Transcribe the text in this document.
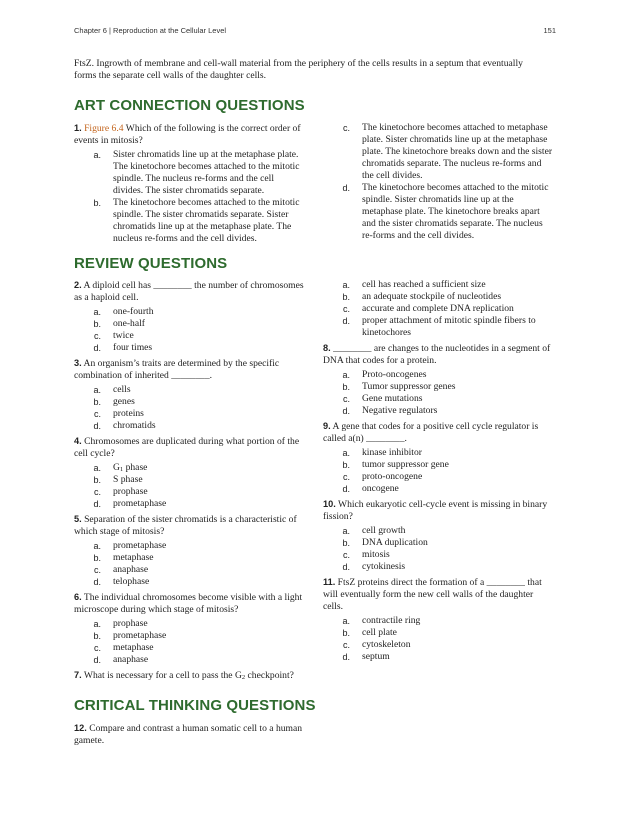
Chapter 6 | Reproduction at the Cellular Level	151

FtsZ. Ingrowth of membrane and cell-wall material from the periphery of the cells results in a septum that eventually forms the separate cell walls of the daughter cells.

ART CONNECTION QUESTIONS

1. Figure 6.4 Which of the following is the correct order of events in mitosis?

a.	Sister chromatids line up at the metaphase plate. The kinetochore becomes attached to the mitotic spindle. The nucleus re-forms and the cell divides. The sister chromatids separate.
b.	The kinetochore becomes attached to the mitotic spindle. The sister chromatids separate. Sister chromatids line up at the metaphase plate. The nucleus re-forms and the cell divides.
c.	The kinetochore becomes attached to metaphase plate. Sister chromatids line up at the metaphase plate. The kinetochore breaks down and the sister chromatids separate. The nucleus re-forms and the cell divides.
d.	The kinetochore becomes attached to the mitotic spindle. Sister chromatids line up at the metaphase plate. The kinetochore breaks apart and the sister chromatids separate. The nucleus re-forms and the cell divides.
REVIEW QUESTIONS

2. A diploid cell has ________ the number of chromosomes as a haploid cell.

a.	one-fourth
b.	one-half
c.	twice
d.	four times

3. An organism’s traits are determined by the specific combination of inherited ________.

a.	cells
b.	genes
c.	proteins
d.	chromatids

4. Chromosomes are duplicated during what portion of the cell cycle?

a.	$G_1$ phase
b.	S phase
c.	prophase
d.	prometaphase

5. Separation of the sister chromatids is a characteristic of which stage of mitosis?

a.	prometaphase
b.	metaphase
c.	anaphase
d.	telophase

6. The individual chromosomes become visible with a light microscope during which stage of mitosis?

a.	prophase
b.	prometaphase
c.	metaphase
d.	anaphase

7. What is necessary for a cell to pass the $G_2$ checkpoint?

a.	cell has reached a sufficient size
b.	an adequate stockpile of nucleotides
c.	accurate and complete DNA replication
d.	proper attachment of mitotic spindle fibers to kinetochores

8. ________ are changes to the nucleotides in a segment of DNA that codes for a protein.

a.	Proto-oncogenes
b.	Tumor suppressor genes
c.	Gene mutations
d.	Negative regulators

9. A gene that codes for a positive cell cycle regulator is called a(n) ________.

a.	kinase inhibitor
b.	tumor suppressor gene
c.	proto-oncogene
d.	oncogene

10. Which eukaryotic cell-cycle event is missing in binary fission?

a.	cell growth
b.	DNA duplication
c.	mitosis
d.	cytokinesis

11. FtsZ proteins direct the formation of a ________ that will eventually form the new cell walls of the daughter cells.

a.	contractile ring
b.	cell plate
c.	cytoskeleton
d.	septum
CRITICAL THINKING QUESTIONS

12. Compare and contrast a human somatic cell to a human gamete.
